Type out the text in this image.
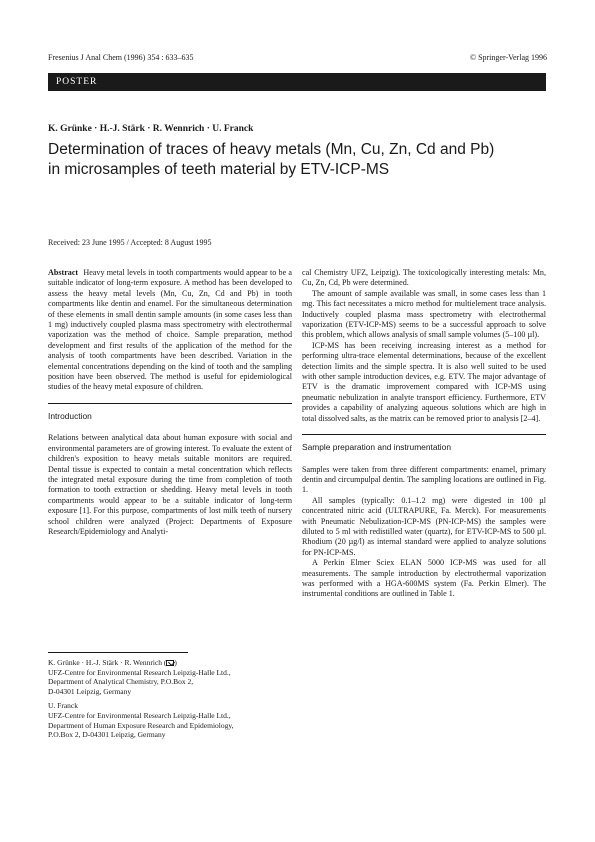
Fresenius J Anal Chem (1996) 354 : 633–635	© Springer-Verlag 1996
POSTER
K. Grünke · H.-J. Stärk · R. Wennrich · U. Franck
Determination of traces of heavy metals (Mn, Cu, Zn, Cd and Pb)
in microsamples of teeth material by ETV-ICP-MS
Received: 23 June 1995 / Accepted: 8 August 1995

Abstract Heavy metal levels in tooth compartments would appear to be a suitable indicator of long-term exposure. A method has been developed to assess the heavy metal levels (Mn, Cu, Zn, Cd and Pb) in tooth compartments like dentin and enamel. For the simultaneous determination of these elements in small dentin sample amounts (in some cases less than 1 mg) inductively coupled plasma mass spectrometry with electrothermal vaporization was the method of choice. Sample preparation, method development and first results of the application of the method for the analysis of tooth compartments have been described. Variation in the elemental concentrations depending on the kind of tooth and the sampling position have been observed. The method is useful for epidemiological studies of the heavy metal exposure of children.

Introduction

Relations between analytical data about human exposure with social and environmental parameters are of growing interest. To evaluate the extent of children's exposition to heavy metals suitable monitors are required. Dental tissue is expected to contain a metal concentration which reflects the integrated metal exposure during the time from completion of tooth formation to tooth extraction or shedding. Heavy metal levels in tooth compartments would appear to be a suitable indicator of long-term exposure [1]. For this purpose, compartments of lost milk teeth of nursery school children were analyzed (Project: Departments of Exposure Research/Epidemiology and Analyti-

K. Grünke · H.-J. Stärk · R. Wennrich ( )
UFZ-Centre for Environmental Research Leipzig-Halle Ltd.,
Department of Analytical Chemistry, P.O.Box 2,
D-04301 Leipzig, Germany

U. Franck
UFZ-Centre for Environmental Research Leipzig-Halle Ltd.,
Department of Human Exposure Research and Epidemiology,
P.O.Box 2, D-04301 Leipzig, Germany

cal Chemistry UFZ, Leipzig). The toxicologically interesting metals: Mn, Cu, Zn, Cd, Pb were determined.

The amount of sample available was small, in some cases less than 1 mg. This fact necessitates a micro method for multielement trace analysis. Inductively coupled plasma mass spectrometry with electrothermal vaporization (ETV-ICP-MS) seems to be a successful approach to solve this problem, which allows analysis of small sample volumes (5–100 µl).

ICP-MS has been receiving increasing interest as a method for performing ultra-trace elemental determinations, because of the excellent detection limits and the simple spectra. It is also well suited to be used with other sample introduction devices, e.g. ETV. The major advantage of ETV is the dramatic improvement compared with ICP-MS using pneumatic nebulization in analyte transport efficiency. Furthermore, ETV provides a capability of analyzing aqueous solutions which are high in total dissolved salts, as the matrix can be removed prior to analysis [2–4].

Sample preparation and instrumentation

Samples were taken from three different compartments: enamel, primary dentin and circumpulpal dentin. The sampling locations are outlined in Fig. 1.

All samples (typically: 0.1–1.2 mg) were digested in 100 µl concentrated nitric acid (ULTRAPURE, Fa. Merck). For measurements with Pneumatic Nebulization-ICP-MS (PN-ICP-MS) the samples were diluted to 5 ml with redistilled water (quartz), for ETV-ICP-MS to 500 µl. Rhodium (20 µg/l) as internal standard were applied to analyze solutions for PN-ICP-MS.

A Perkin Elmer Sciex ELAN 5000 ICP-MS was used for all measurements. The sample introduction by electrothermal vaporization was performed with a HGA-600MS system (Fa. Perkin Elmer). The instrumental conditions are outlined in Table 1.
